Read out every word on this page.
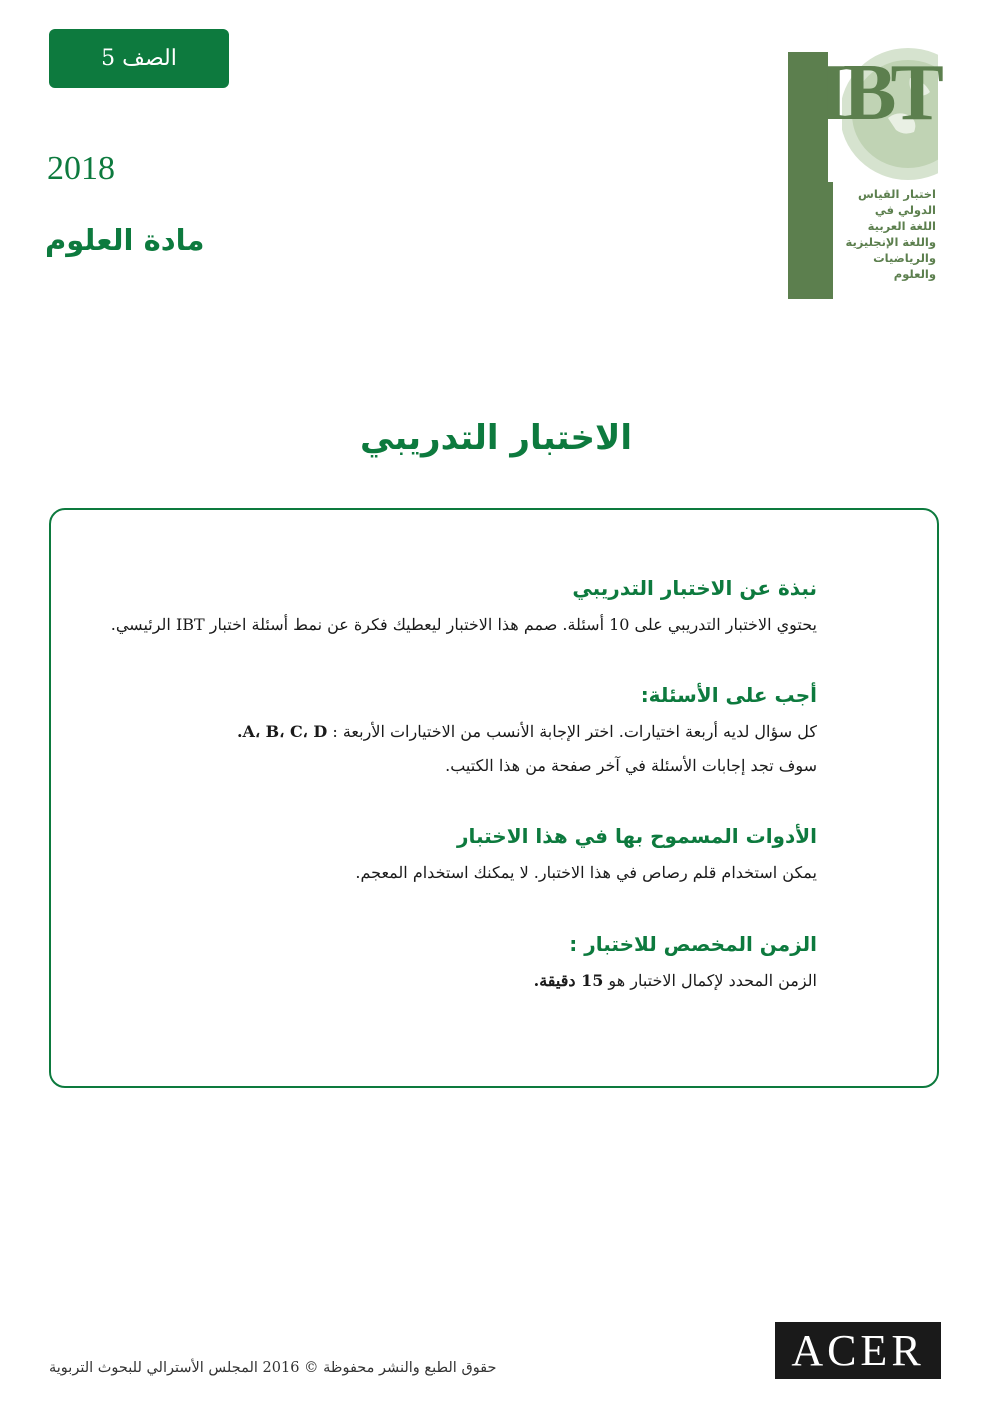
الصف 5
2018
مادة العلوم
IBT
اختبار القياس
الدولي في
اللغة العربية
واللغة الإنجليزية
والرياضيات
والعلوم
الاختبار التدريبي

نبذة عن الاختبار التدريبي

يحتوي الاختبار التدريبي على 10 أسئلة. صمم هذا الاختبار ليعطيك فكرة عن نمط أسئلة اختبار IBT الرئيسي.

أجب على الأسئلة:

كل سؤال لديه أربعة اختيارات. اختر الإجابة الأنسب من الاختيارات الأربعة : A، B، C، D.

سوف تجد إجابات الأسئلة في آخر صفحة من هذا الكتيب.

الأدوات المسموح بها في هذا الاختبار

يمكن استخدام قلم رصاص في هذا الاختبار. لا يمكنك استخدام المعجم.

الزمن المخصص للاختبار :

الزمن المحدد لإكمال الاختبار هو 15 دقيقة.

ACER
حقوق الطبع والنشر محفوظة © 2016 المجلس الأسترالي للبحوث التربوية
